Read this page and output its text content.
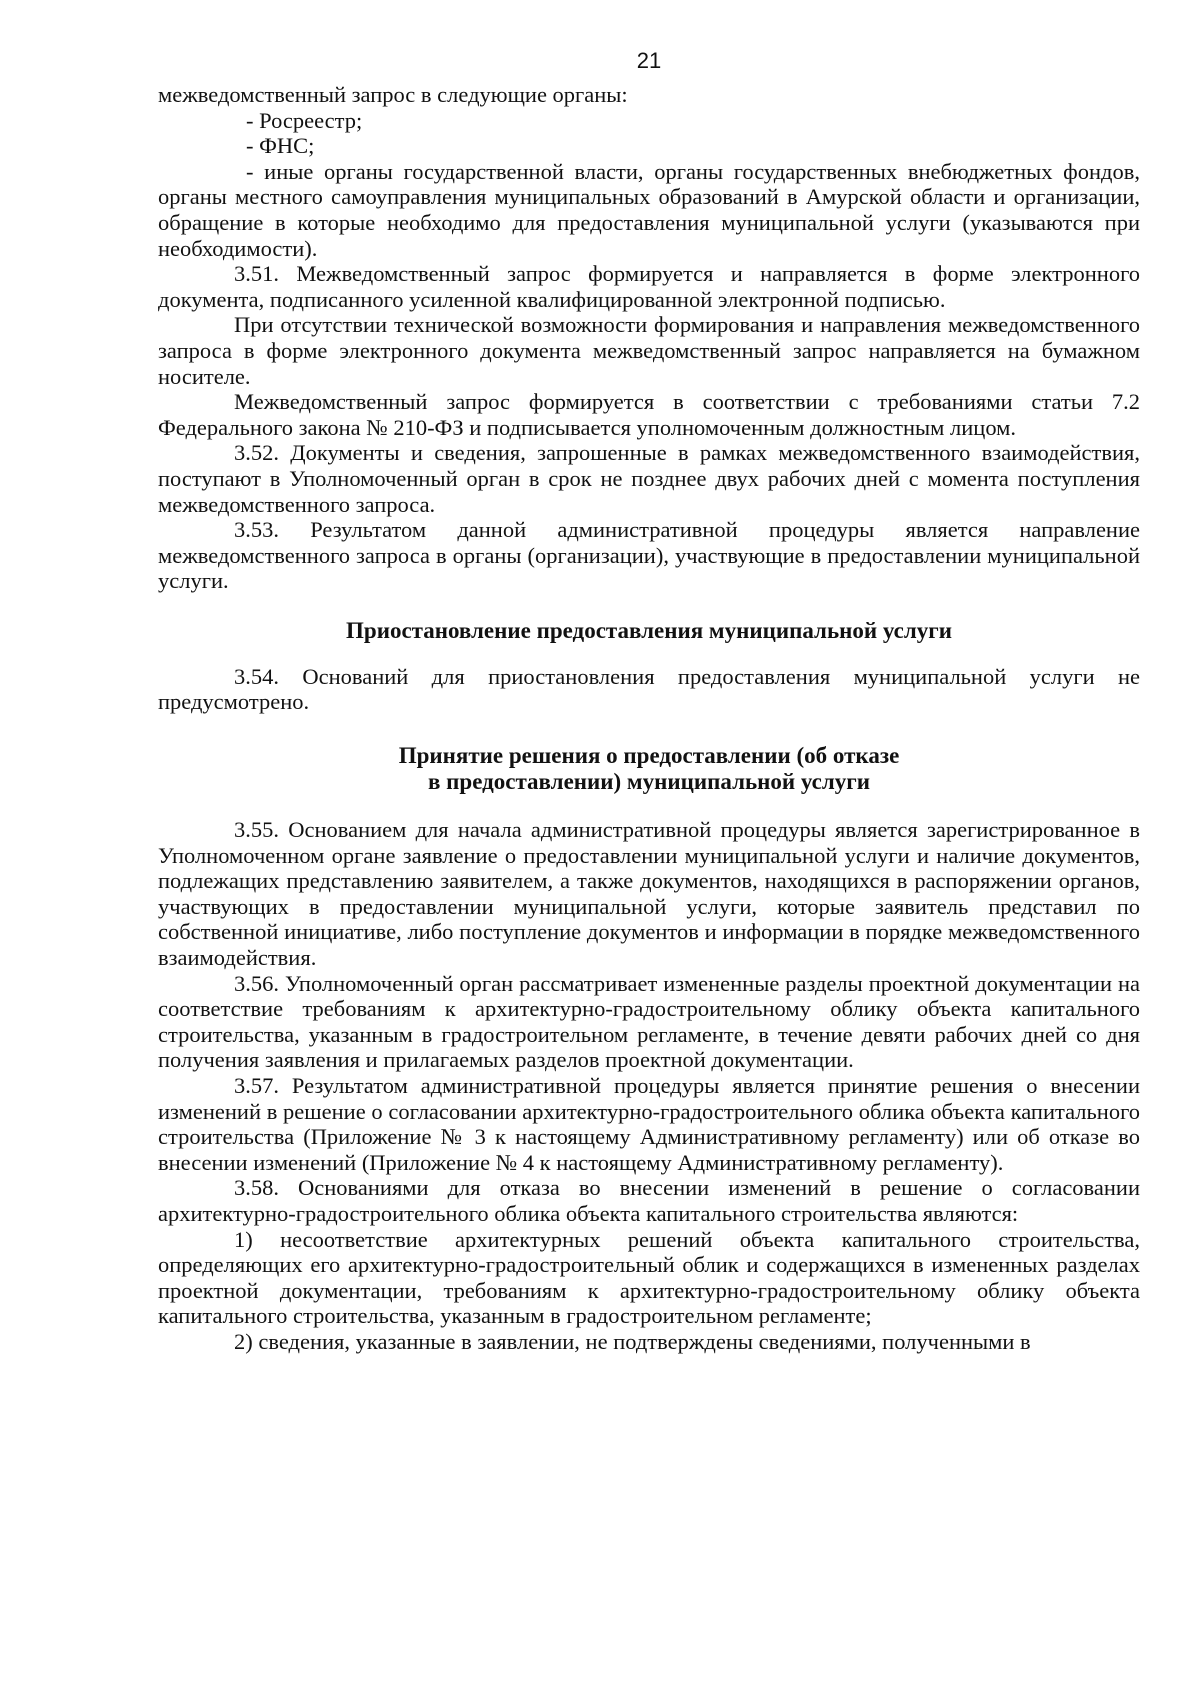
21

межведомственный запрос в следующие органы:

- Росреестр;

- ФНС;

- иные органы государственной власти, органы государственных внебюджетных фондов, органы местного самоуправления муниципальных образований в Амурской области и организации, обращение в которые необходимо для предоставления муниципальной услуги (указываются при необходимости).

3.51. Межведомственный запрос формируется и направляется в форме электронного документа, подписанного усиленной квалифицированной электронной подписью.

При отсутствии технической возможности формирования и направления межведомственного запроса в форме электронного документа межведомственный запрос направляется на бумажном носителе.

Межведомственный запрос формируется в соответствии с требованиями статьи 7.2 Федерального закона № 210-ФЗ и подписывается уполномоченным должностным лицом.

3.52. Документы и сведения, запрошенные в рамках межведомственного взаимодействия, поступают в Уполномоченный орган в срок не позднее двух рабочих дней с момента поступления межведомственного запроса.

3.53. Результатом данной административной процедуры является направление межведомственного запроса в органы (организации), участвующие в предоставлении муниципальной услуги.

Приостановление предоставления муниципальной услуги

3.54. Оснований для приостановления предоставления муниципальной услуги не предусмотрено.

Принятие решения о предоставлении (об отказе
в предоставлении) муниципальной услуги

3.55. Основанием для начала административной процедуры является зарегистрированное в Уполномоченном органе заявление о предоставлении муниципальной услуги и наличие документов, подлежащих представлению заявителем, а также документов, находящихся в распоряжении органов, участвующих в предоставлении муниципальной услуги, которые заявитель представил по собственной инициативе, либо поступление документов и информации в порядке межведомственного взаимодействия.

3.56. Уполномоченный орган рассматривает измененные разделы проектной документации на соответствие требованиям к архитектурно-градостроительному облику объекта капитального строительства, указанным в градостроительном регламенте, в течение девяти рабочих дней со дня получения заявления и прилагаемых разделов проектной документации.

3.57. Результатом административной процедуры является принятие решения о внесении изменений в решение о согласовании архитектурно-градостроительного облика объекта капитального строительства (Приложение № 3 к настоящему Административному регламенту) или об отказе во внесении изменений (Приложение № 4 к настоящему Административному регламенту).

3.58. Основаниями для отказа во внесении изменений в решение о согласовании архитектурно-градостроительного облика объекта капитального строительства являются:

1) несоответствие архитектурных решений объекта капитального строительства, определяющих его архитектурно-градостроительный облик и содержащихся в измененных разделах проектной документации, требованиям к архитектурно-градостроительному облику объекта капитального строительства, указанным в градостроительном регламенте;

2) сведения, указанные в заявлении, не подтверждены сведениями, полученными в
